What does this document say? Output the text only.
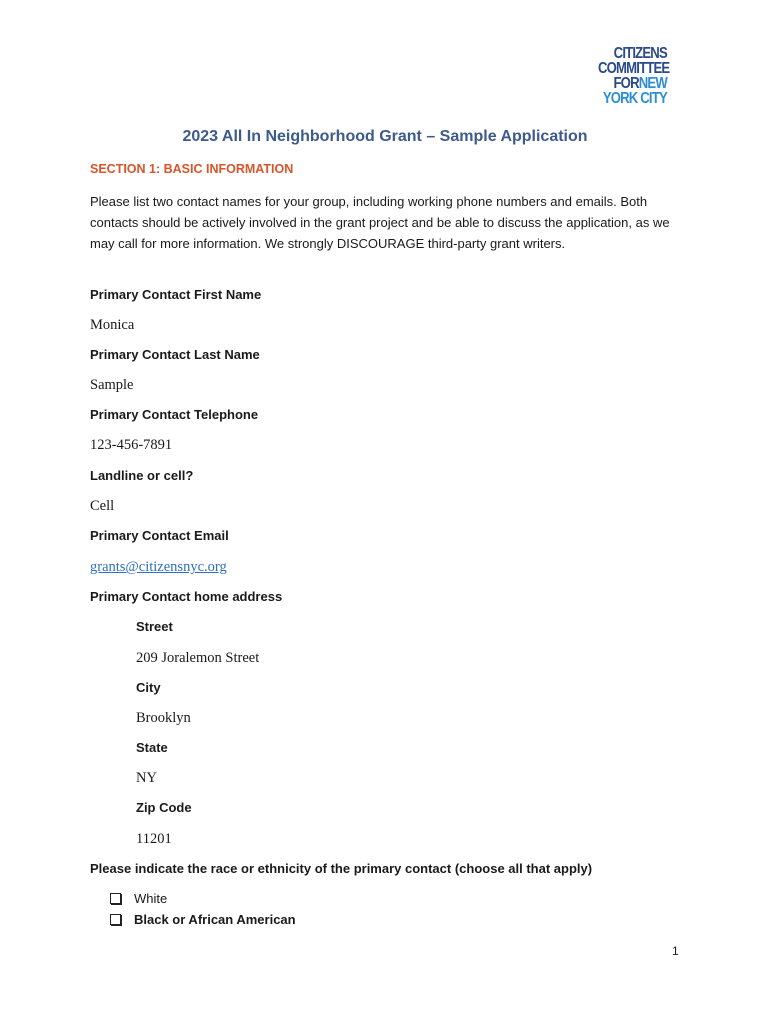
CITIZENS
COMMITTEE
FORNEW
YORK CITY
2023 All In Neighborhood Grant – Sample Application
SECTION 1: BASIC INFORMATION
Please list two contact names for your group, including working phone numbers and emails. Both contacts should be actively involved in the grant project and be able to discuss the application, as we may call for more information. We strongly DISCOURAGE third-party grant writers.
Primary Contact First Name
Monica
Primary Contact Last Name
Sample
Primary Contact Telephone
123-456-7891
Landline or cell?
Cell
Primary Contact Email
grants@citizensnyc.org
Primary Contact home address
Street
209 Joralemon Street
City
Brooklyn
State
NY
Zip Code
11201
Please indicate the race or ethnicity of the primary contact (choose all that apply)
White
Black or African American
1
